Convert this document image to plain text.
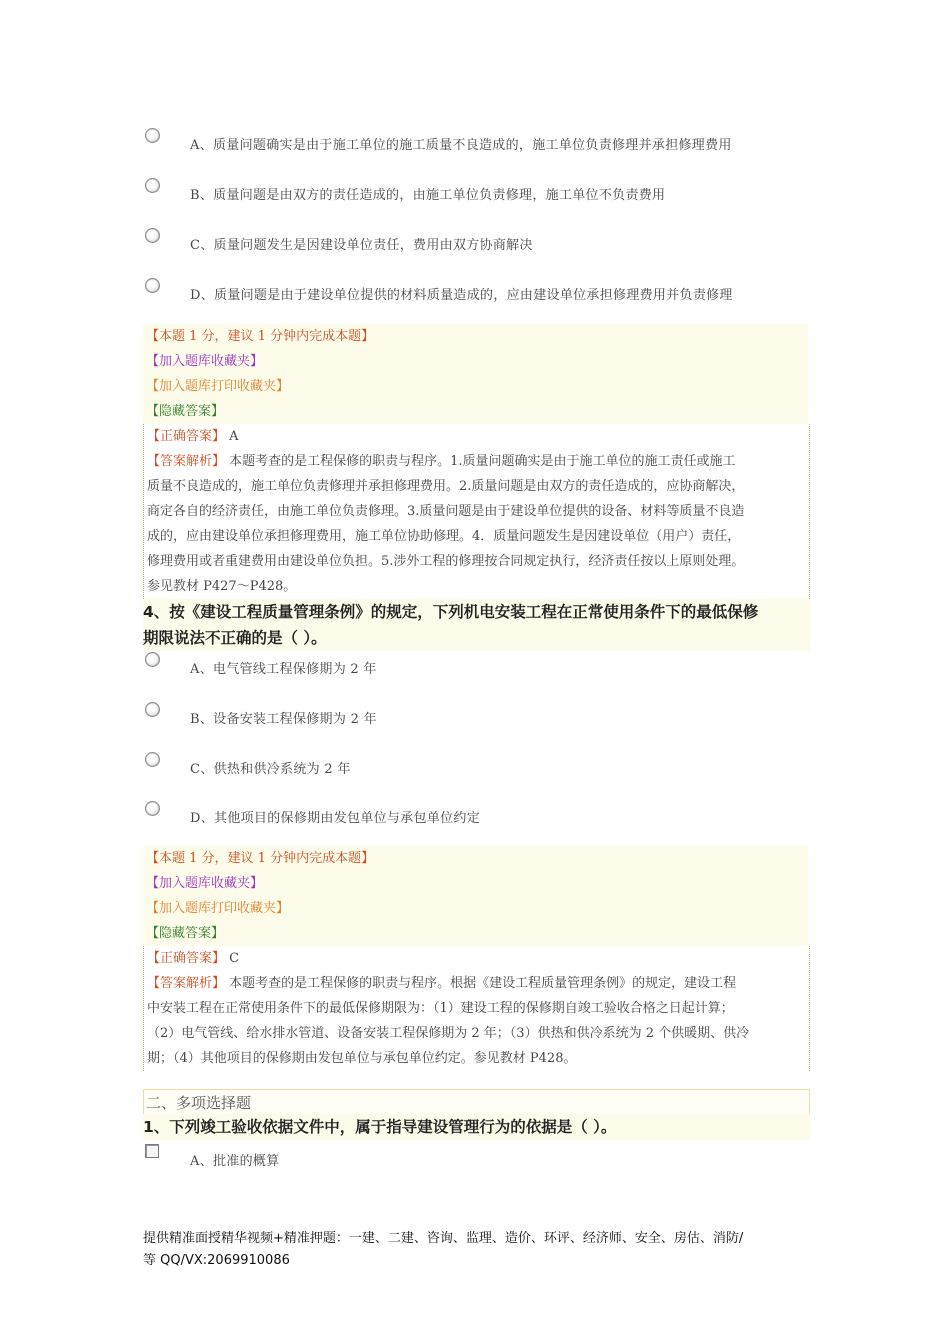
A、质量问题确实是由于施工单位的施工质量不良造成的，施工单位负责修理并承担修理费用
B、质量问题是由双方的责任造成的，由施工单位负责修理，施工单位不负责费用
C、质量问题发生是因建设单位责任，费用由双方协商解决
D、质量问题是由于建设单位提供的材料质量造成的，应由建设单位承担修理费用并负责修理
【本题 1 分，建议 1 分钟内完成本题】
【加入题库收藏夹】
【加入题库打印收藏夹】
【隐藏答案】

【正确答案】 A

【答案解析】 本题考查的是工程保修的职责与程序。1.质量问题确实是由于施工单位的施工责任或施工

质量不良造成的，施工单位负责修理并承担修理费用。2.质量问题是由双方的责任造成的，应协商解决，

商定各自的经济责任，由施工单位负责修理。3.质量问题是由于建设单位提供的设备、材料等质量不良造

成的，应由建设单位承担修理费用，施工单位协助修理。4．质量问题发生是因建设单位（用户）责任，

修理费用或者重建费用由建设单位负担。5.涉外工程的修理按合同规定执行，经济责任按以上原则处理。

参见教材 P427～P428。

4、按《建设工程质量管理条例》的规定，下列机电安装工程在正常使用条件下的最低保修
期限说法不正确的是（ ）。
A、电气管线工程保修期为 2 年
B、设备安装工程保修期为 2 年
C、供热和供冷系统为 2 年
D、其他项目的保修期由发包单位与承包单位约定
【本题 1 分，建议 1 分钟内完成本题】
【加入题库收藏夹】
【加入题库打印收藏夹】
【隐藏答案】

【正确答案】 C

【答案解析】 本题考查的是工程保修的职责与程序。根据《建设工程质量管理条例》的规定，建设工程

中安装工程在正常使用条件下的最低保修期限为：（1）建设工程的保修期自竣工验收合格之日起计算；

（2）电气管线、给水排水管道、设备安装工程保修期为 2 年；（3）供热和供冷系统为 2 个供暖期、供冷

期；（4）其他项目的保修期由发包单位与承包单位约定。参见教材 P428。

二、多项选择题
1、下列竣工验收依据文件中，属于指导建设管理行为的依据是（ ）。
A、批准的概算
提供精准面授精华视频+精准押题：一建、二建、咨询、监理、造价、环评、经济师、安全、房估、消防/
等 QQ/VX:2069910086
